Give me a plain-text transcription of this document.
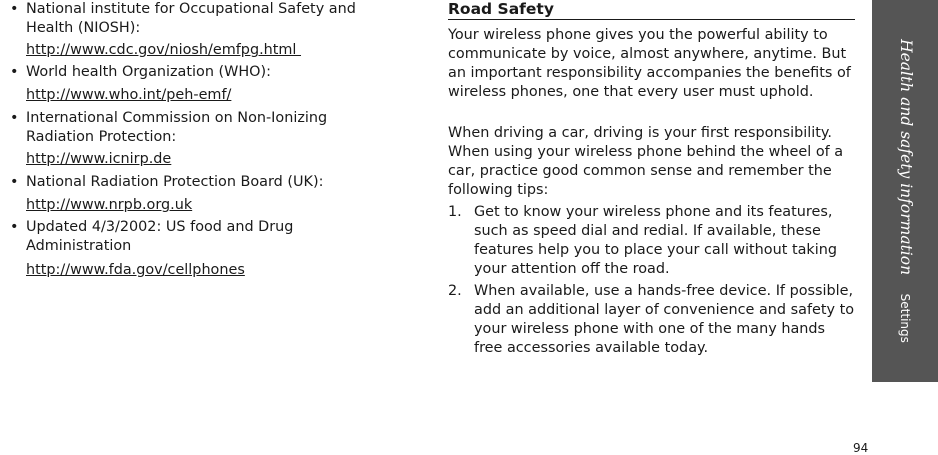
• National institute for Occupational Safety and Health (NIOSH):
http://www.cdc.gov/niosh/emfpg.html
• World health Organization (WHO):
http://www.who.int/peh-emf/
• International Commission on Non-Ionizing Radiation Protection:
http://www.icnirp.de
• National Radiation Protection Board (UK):
http://www.nrpb.org.uk
• Updated 4/3/2002: US food and Drug Administration
http://www.fda.gov/cellphones
Road Safety
Your wireless phone gives you the powerful ability to communicate by voice, almost anywhere, anytime. But an important responsibility accompanies the benefits of wireless phones, one that every user must uphold.
When driving a car, driving is your first responsibility. When using your wireless phone behind the wheel of a car, practice good common sense and remember the following tips:
1. Get to know your wireless phone and its features, such as speed dial and redial. If available, these features help you to place your call without taking your attention off the road.
2. When available, use a hands-free device. If possible, add an additional layer of convenience and safety to your wireless phone with one of the many hands free accessories available today.
Health and safety information Settings
94
